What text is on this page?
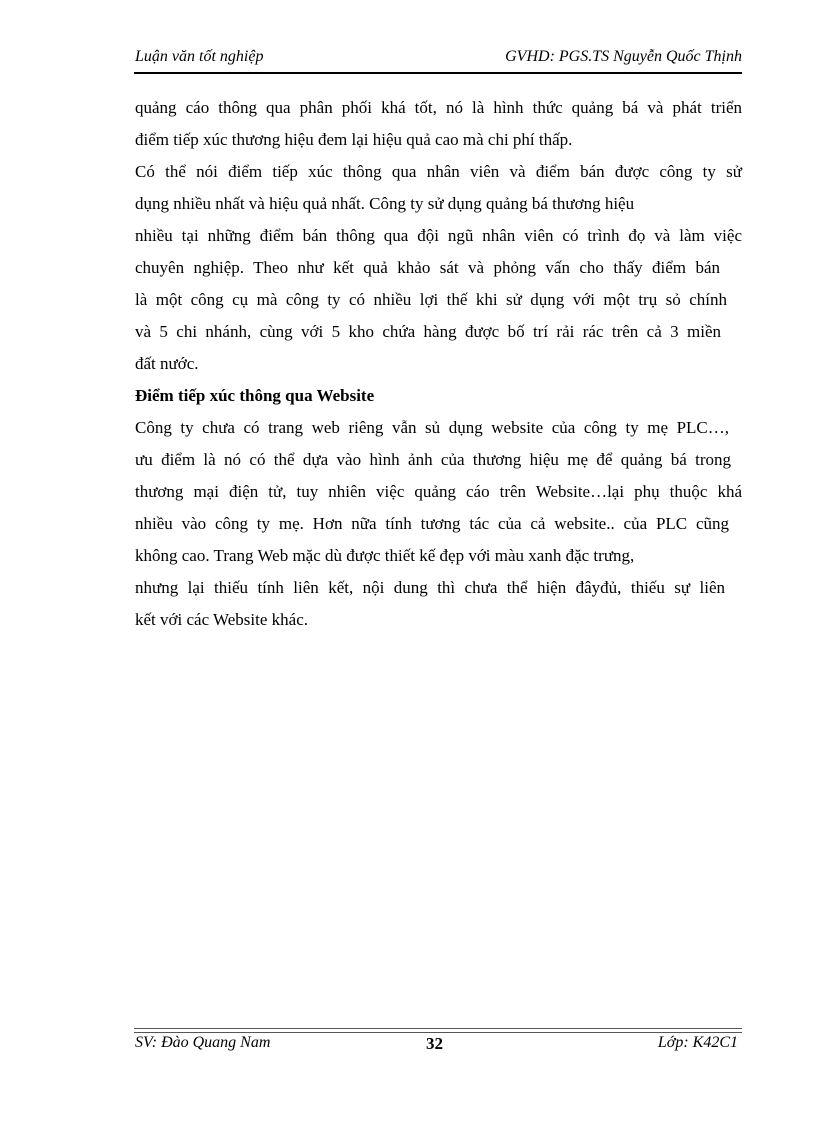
Luận văn tốt nghiệp	GVHD: PGS.TS Nguyễn Quốc Thịnh
quảng cáo thông qua phân phối khá tốt, nó là hình thức quảng bá và phát triển
điểm tiếp xúc thương hiệu đem lại hiệu quả cao mà chi phí thấp.
Có thể nói điểm tiếp xúc thông qua nhân viên và điểm bán được công ty sử
dụng nhiều nhất và hiệu quả nhất. Công ty sử dụng quảng bá thương hiệu
nhiều tại những điểm bán thông qua đội ngũ nhân viên có trình đọ và làm việc
chuyên nghiệp. Theo như kết quả khảo sát và phỏng vấn cho thấy điểm bán
là một công cụ mà công ty có nhiều lợi thế khi sử dụng với một trụ sỏ chính
và 5 chi nhánh, cùng với 5 kho chứa hàng được bố trí rải rác trên cả 3 miền
đất nước.
Điểm tiếp xúc thông qua Website
Công ty chưa có trang web riêng vẫn sủ dụng website của công ty mẹ PLC…,
ưu điểm là nó có thể dựa vào hình ảnh của thương hiệu mẹ để quảng bá trong
thương mại điện tử, tuy nhiên việc quảng cáo trên Website…lại phụ thuộc khá
nhiều vào công ty mẹ. Hơn nữa tính tương tác của cả website.. của PLC cũng
không cao. Trang Web mặc dù được thiết kế đẹp với màu xanh đặc trưng,
nhưng lại thiếu tính liên kết, nội dung thì chưa thể hiện đâyđủ, thiếu sự liên
kết với các Website khác.
SV: Đào Quang Nam	32	Lớp: K42C1
